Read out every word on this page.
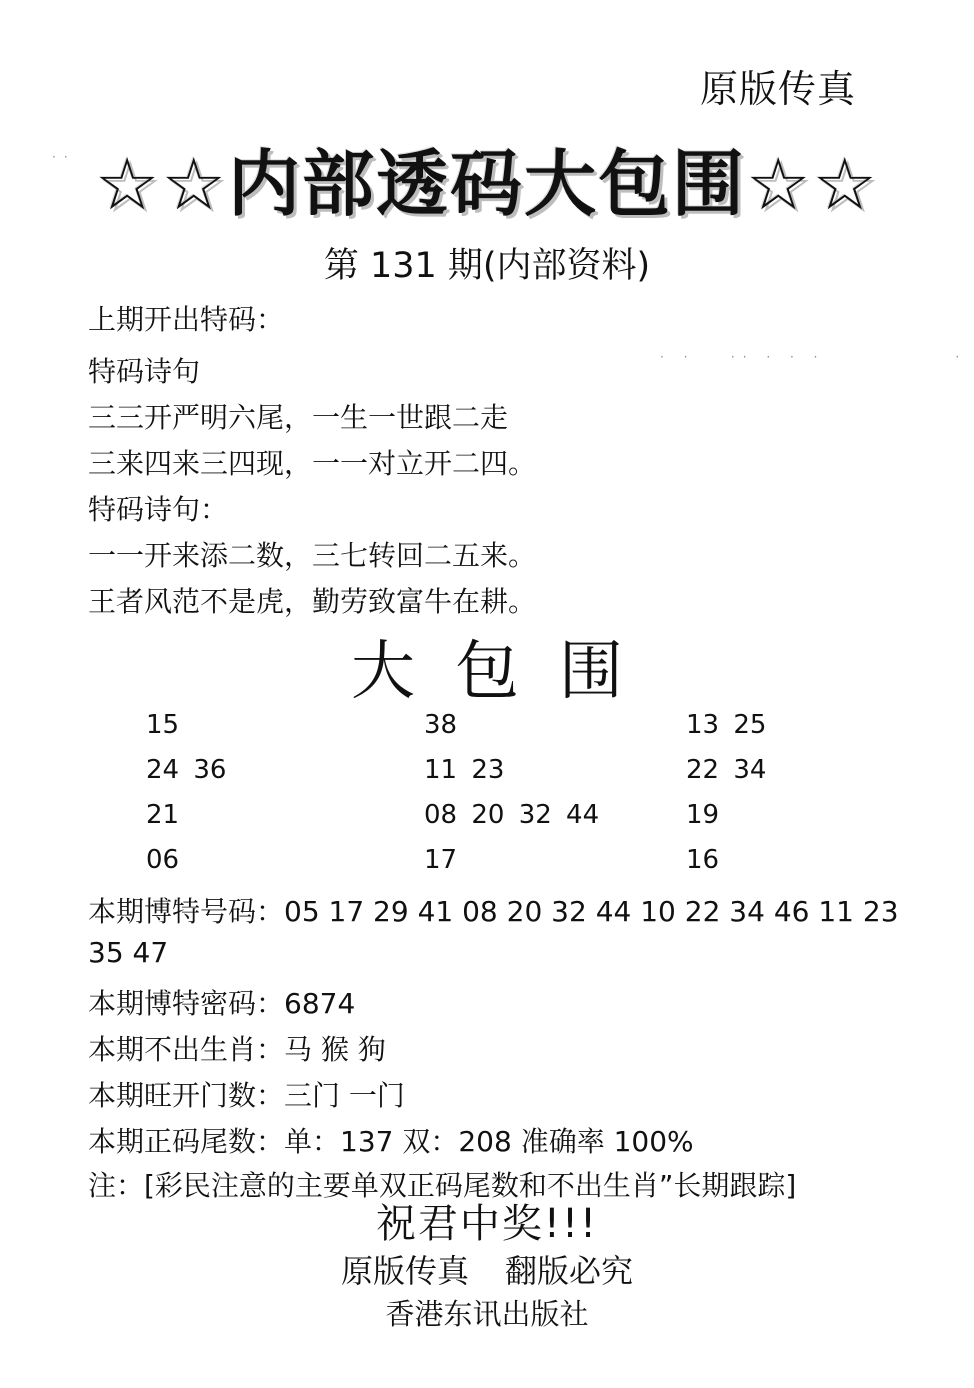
原版传真
·· ☆☆内部透码大包围☆☆
第 131 期(内部资料)
上期开出特码：
特码诗句	· ·   ·· · · ·           ·
三三开严明六尾，一生一世跟二走
三来四来三四现，一一对立开二四。
特码诗句：
一一开来添二数，三七转回二五来。
王者风范不是虎，勤劳致富牛在耕。
大包围
15	38	13 25
24 36	11 23	22 34
21	08 20 32 44	19
06	17	16
本期博特号码：05 17 29 41 08 20 32 44 10 22 34 46 11 23
35 47
本期博特密码：6874
本期不出生肖：马 猴 狗
本期旺开门数：三门 一门
本期正码尾数：单：137 双：208 准确率 100%
注：[彩民注意的主要单双正码尾数和不出生肖”长期跟踪]
祝君中奖!!!
原版传真 翻版必究
香港东讯出版社
